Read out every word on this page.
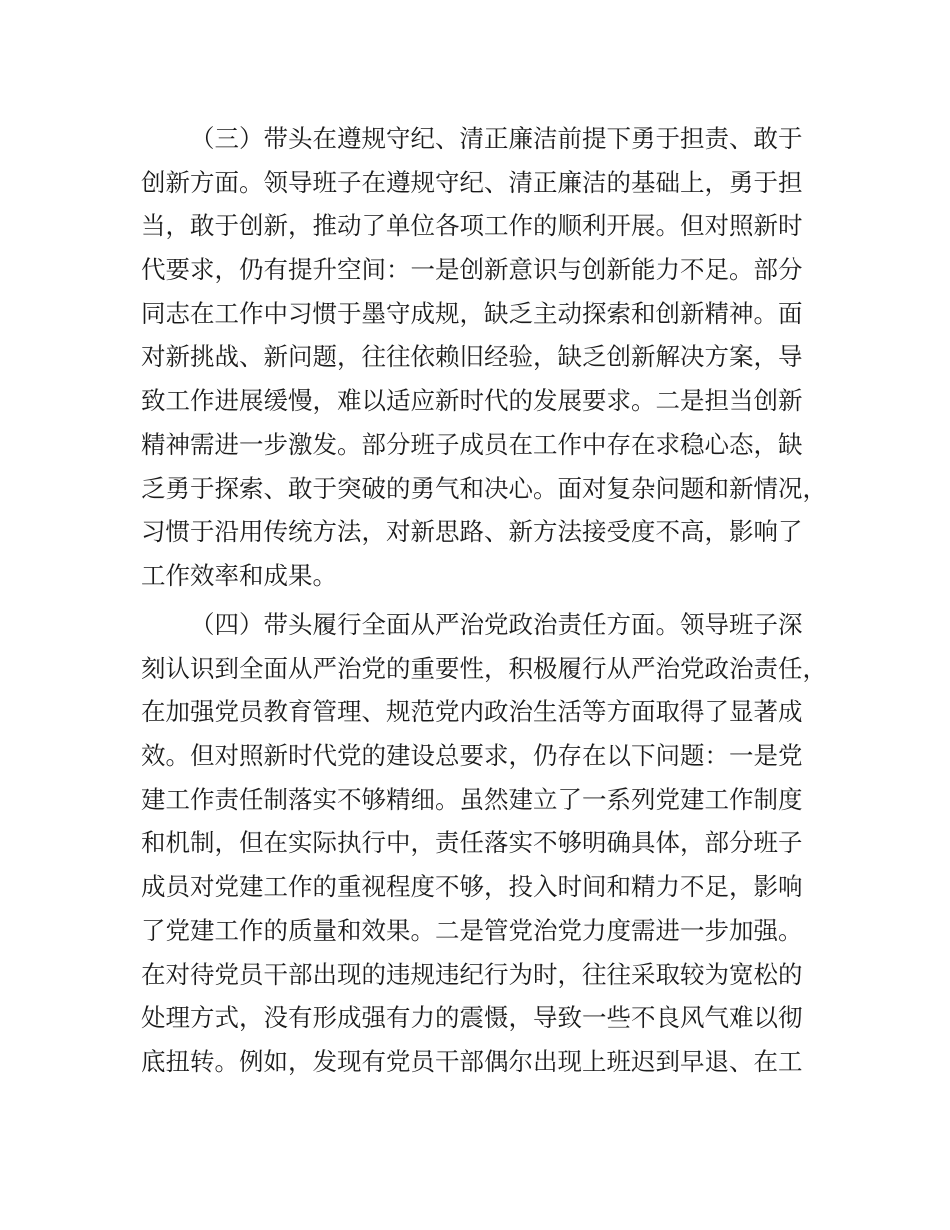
（三）带头在遵规守纪、清正廉洁前提下勇于担责、敢于
创新方面。领导班子在遵规守纪、清正廉洁的基础上，勇于担
当，敢于创新，推动了单位各项工作的顺利开展。但对照新时
代要求，仍有提升空间：一是创新意识与创新能力不足。部分
同志在工作中习惯于墨守成规，缺乏主动探索和创新精神。面
对新挑战、新问题，往往依赖旧经验，缺乏创新解决方案，导
致工作进展缓慢，难以适应新时代的发展要求。二是担当创新
精神需进一步激发。部分班子成员在工作中存在求稳心态，缺
乏勇于探索、敢于突破的勇气和决心。面对复杂问题和新情况，
习惯于沿用传统方法，对新思路、新方法接受度不高，影响了
工作效率和成果。
（四）带头履行全面从严治党政治责任方面。领导班子深
刻认识到全面从严治党的重要性，积极履行从严治党政治责任，
在加强党员教育管理、规范党内政治生活等方面取得了显著成
效。但对照新时代党的建设总要求，仍存在以下问题：一是党
建工作责任制落实不够精细。虽然建立了一系列党建工作制度
和机制，但在实际执行中，责任落实不够明确具体，部分班子
成员对党建工作的重视程度不够，投入时间和精力不足，影响
了党建工作的质量和效果。二是管党治党力度需进一步加强。
在对待党员干部出现的违规违纪行为时，往往采取较为宽松的
处理方式，没有形成强有力的震慑，导致一些不良风气难以彻
底扭转。例如，发现有党员干部偶尔出现上班迟到早退、在工
